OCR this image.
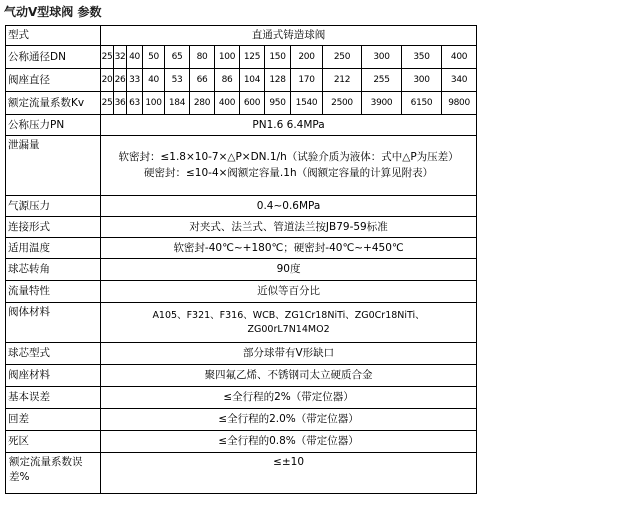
气动V型球阀 参数
型式	直通式铸造球阀													
公称通径DN	25	32	40	50	65	80	100	125	150	200	250	300	350	400
阀座直径	20	26	33	40	53	66	86	104	128	170	212	255	300	340
额定流量系数Kv	25	36	63	100	184	280	400	600	950	1540	2500	3900	6150	9800
公称压力PN	PN1.6 6.4MPa													
泄漏量	软密封：≤1.8×10-7×△P×DN.1/h（试验介质为液体：式中△P为压差）
硬密封：≤10-4×阀额定容量.1h（阀额定容量的计算见附表）													

气源压力	0.4~0.6MPa													
连接形式	对夹式、法兰式、管道法兰按JB79-59标准													
适用温度	软密封-40℃~+180℃；硬密封-40℃~+450℃													
球芯转角	90度													
流量特性	近似等百分比													
阀体材料	A105、F321、F316、WCB、ZG1Cr18NiTi、ZG0Cr18NiTi、
ZG00rL7N14MO2													

球芯型式	部分球带有V形缺口													
阀座材料	聚四氟乙烯、不锈钢司太立硬质合金													
基本误差	≤全行程的2%（带定位器）													
回差	≤全行程的2.0%（带定位器）													
死区	≤全行程的0.8%（带定位器）													
额定流量系数误差%	≤±10													
